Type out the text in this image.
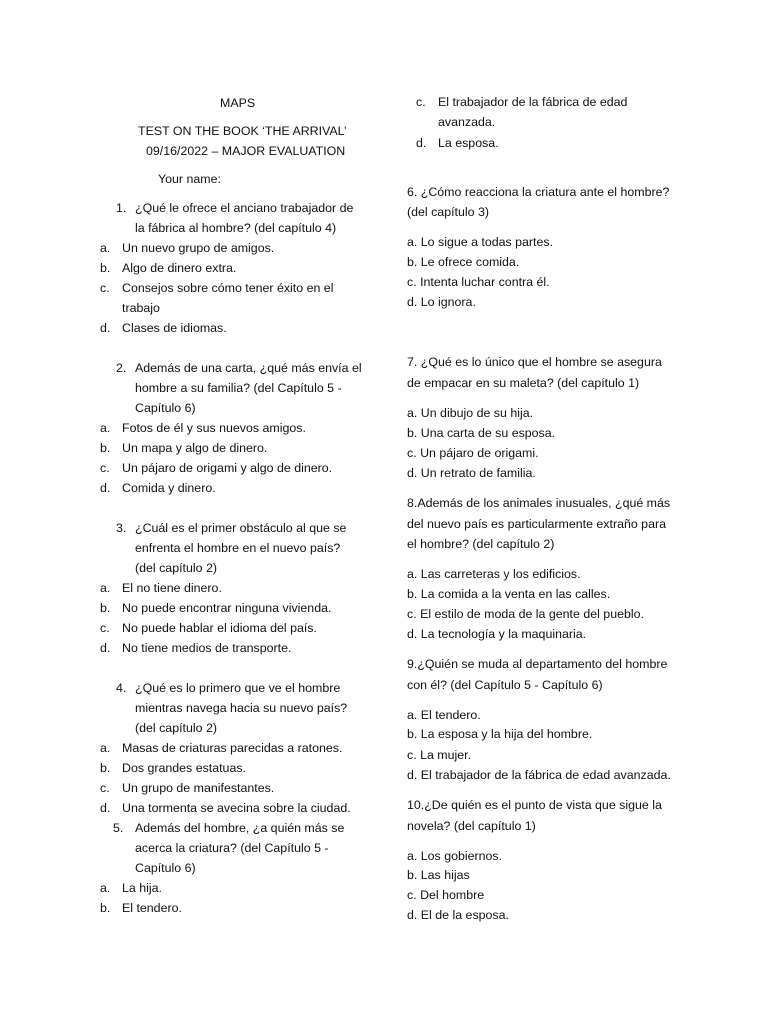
MAPS
TEST ON THE BOOK ‘THE ARRIVAL’
09/16/2022 – MAJOR EVALUATION
Your name:
1. ¿Qué le ofrece el anciano trabajador de
la fábrica al hombre? (del capítulo 4)
a. Un nuevo grupo de amigos.
b. Algo de dinero extra.
c. Consejos sobre cómo tener éxito en el
trabajo
d. Clases de idiomas.
2. Además de una carta, ¿qué más envía el
hombre a su familia? (del Capítulo 5 -
Capítulo 6)
a. Fotos de él y sus nuevos amigos.
b. Un mapa y algo de dinero.
c. Un pájaro de origami y algo de dinero.
d. Comida y dinero.
3. ¿Cuál es el primer obstáculo al que se
enfrenta el hombre en el nuevo país?
(del capítulo 2)
a. El no tiene dinero.
b. No puede encontrar ninguna vivienda.
c. No puede hablar el idioma del país.
d. No tiene medios de transporte.
4. ¿Qué es lo primero que ve el hombre
mientras navega hacia su nuevo país?
(del capítulo 2)
a. Masas de criaturas parecidas a ratones.
b. Dos grandes estatuas.
c. Un grupo de manifestantes.
d. Una tormenta se avecina sobre la ciudad.
5. Además del hombre, ¿a quién más se
acerca la criatura? (del Capítulo 5 -
Capítulo 6)
a. La hija.
b. El tendero.
c. El trabajador de la fábrica de edad
avanzada.
d. La esposa.
6. ¿Cómo reacciona la criatura ante el hombre?
(del capítulo 3)
a. Lo sigue a todas partes.
b. Le ofrece comida.
c. Intenta luchar contra él.
d. Lo ignora.
7. ¿Qué es lo único que el hombre se asegura
de empacar en su maleta? (del capítulo 1)
a. Un dibujo de su hija.
b. Una carta de su esposa.
c. Un pájaro de origami.
d. Un retrato de familia.
8.Además de los animales inusuales, ¿qué más
del nuevo país es particularmente extraño para
el hombre? (del capítulo 2)
a. Las carreteras y los edificios.
b. La comida a la venta en las calles.
c. El estilo de moda de la gente del pueblo.
d. La tecnología y la maquinaria.
9.¿Quién se muda al departamento del hombre
con él? (del Capítulo 5 - Capítulo 6)
a. El tendero.
b. La esposa y la hija del hombre.
c. La mujer.
d. El trabajador de la fábrica de edad avanzada.
10.¿De quién es el punto de vista que sigue la
novela? (del capítulo 1)
a. Los gobiernos.
b. Las hijas
c. Del hombre
d. El de la esposa.
